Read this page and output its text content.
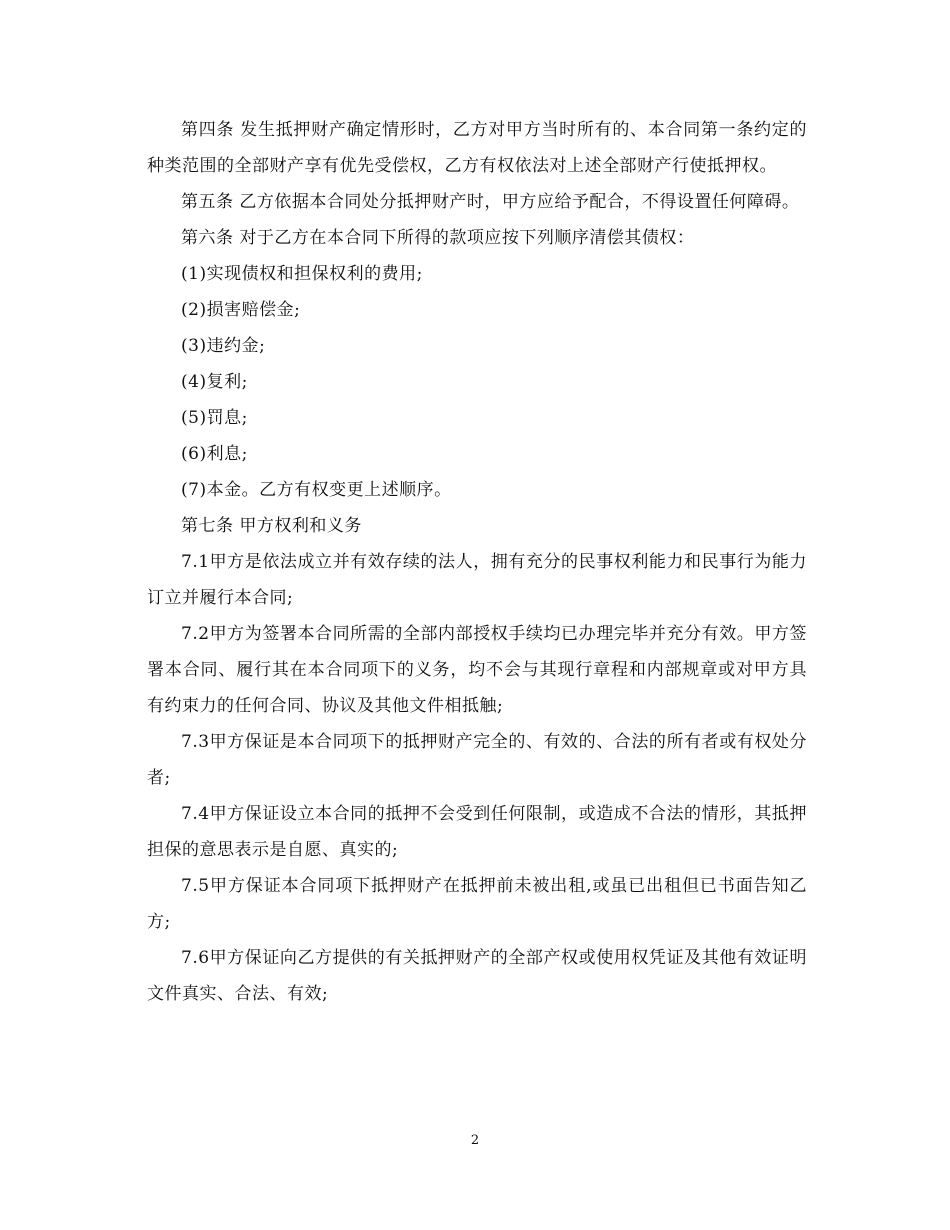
第四条 发生抵押财产确定情形时，乙方对甲方当时所有的、本合同第一条约定的种类范围的全部财产享有优先受偿权，乙方有权依法对上述全部财产行使抵押权。

第五条 乙方依据本合同处分抵押财产时，甲方应给予配合，不得设置任何障碍。

第六条 对于乙方在本合同下所得的款项应按下列顺序清偿其债权：

(1)实现债权和担保权利的费用;

(2)损害赔偿金;

(3)违约金;

(4)复利;

(5)罚息;

(6)利息;

(7)本金。乙方有权变更上述顺序。

第七条 甲方权利和义务

7.1甲方是依法成立并有效存续的法人，拥有充分的民事权利能力和民事行为能力订立并履行本合同;

7.2甲方为签署本合同所需的全部内部授权手续均已办理完毕并充分有效。甲方签署本合同、履行其在本合同项下的义务，均不会与其现行章程和内部规章或对甲方具有约束力的任何合同、协议及其他文件相抵触;

7.3甲方保证是本合同项下的抵押财产完全的、有效的、合法的所有者或有权处分者;

7.4甲方保证设立本合同的抵押不会受到任何限制，或造成不合法的情形，其抵押担保的意思表示是自愿、真实的;

7.5甲方保证本合同项下抵押财产在抵押前未被出租,或虽已出租但已书面告知乙方;

7.6甲方保证向乙方提供的有关抵押财产的全部产权或使用权凭证及其他有效证明文件真实、合法、有效;

2
